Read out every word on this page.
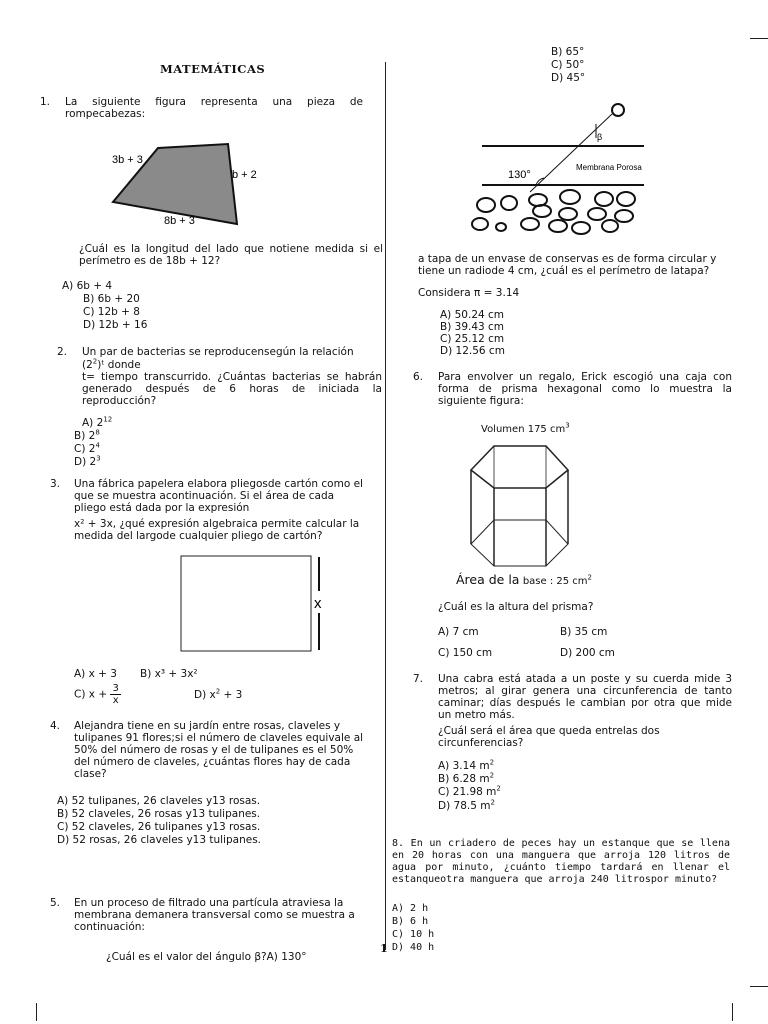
MATEMÁTICAS
1. La siguiente figura representa una pieza de rompecabezas:
3b + 3
b + 2
8b + 3
¿Cuál es la longitud del lado que notiene medida si el perímetro es de 18b + 12?
A) 6b + 4
B) 6b + 20
C) 12b + 8
D) 12b + 16
2. Un par de bacterias se reproducensegún la relación
$(2^2)ᵗ$ donde
t= tiempo transcurrido. ¿Cuántas bacterias se habrán generado después de 6 horas de iniciada la reproducción?
A) $2^{12}$
B) $2^8$
C) $2^4$
D) $2^3$
3. Una fábrica papelera elabora pliegosde cartón como el que se muestra acontinuación. Si el área de cada pliego está dada por la expresión
x² + 3x, ¿qué expresión algebraica permite calcular la medida del largode cualquier pliego de cartón?
x
A) x + 3 B) x³ + 3x²
C) $x + \frac{3}{x}$	D) $x^2 + 3$
4. Alejandra tiene en su jardín entre rosas, claveles y tulipanes 91 flores;si el número de claveles equivale al 50% del número de rosas y el de tulipanes es el 50% del número de claveles, ¿cuántas flores hay de cada clase?
A) 52 tulipanes, 26 claveles y13 rosas.
B) 52 claveles, 26 rosas y13 tulipanes.
C) 52 claveles, 26 tulipanes y13 rosas.
D) 52 rosas, 26 claveles y13 tulipanes.
5. En un proceso de filtrado una partícula atraviesa la membrana demanera transversal como se muestra a continuación:
¿Cuál es el valor del ángulo β?A) 130°
B) 65°
C) 50°
D) 45°
130°
β
Membrana Porosa
a tapa de un envase de conservas es de forma circular y tiene un radiode 4 cm, ¿cuál es el perímetro de latapa?
Considera π = 3.14
A) 50.24 cm
B) 39.43 cm
C) 25.12 cm
D) 12.56 cm
6. Para envolver un regalo, Erick escogió una caja con forma de prisma hexagonal como lo muestra la siguiente figura:
Volumen 175 $cm^3$
Área de la base : 25 $cm^2$
¿Cuál es la altura del prisma?
A) 7 cm	B) 35 cm
C) 150 cm	D) 200 cm
7. Una cabra está atada a un poste y su cuerda mide 3 metros; al girar genera una circunferencia de tanto caminar; días después le cambian por otra que mide un metro más.
¿Cuál será el área que queda entrelas dos circunferencias?
A) 3.14 $m^2$
B) 6.28 $m^2$
C) 21.98 $m^2$
D) 78.5 $m^2$
8. En un criadero de peces hay un estanque que se llena en 20 horas con una manguera que arroja 120 litros de agua por minuto, ¿cuánto tiempo tardará en llenar el estanqueotra manguera que arroja 240 litrospor minuto?
A) 2 h
B) 6 h
C) 10 h
1 D) 40 h
